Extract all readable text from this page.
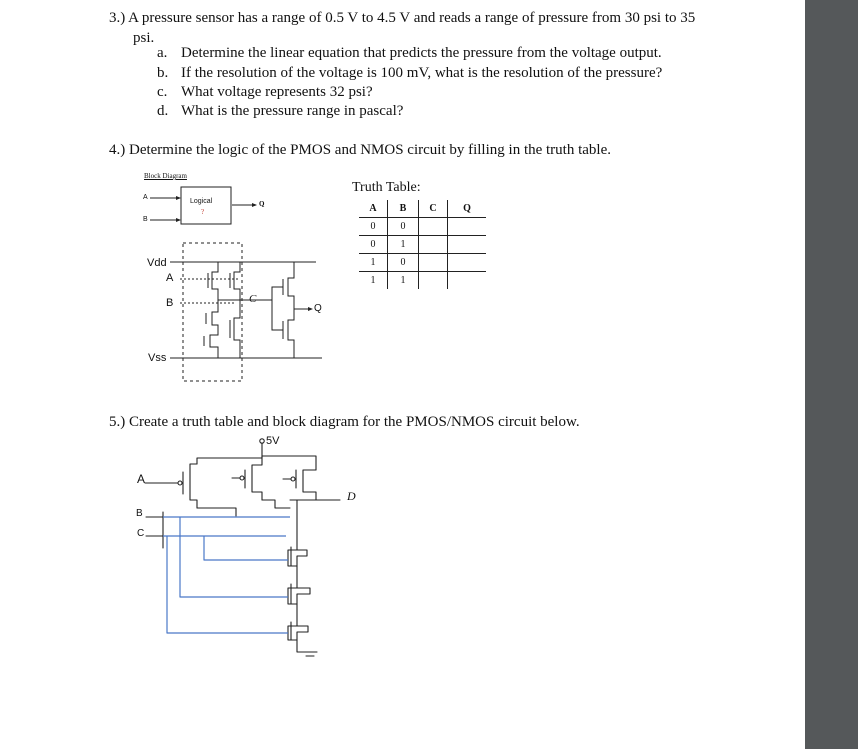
3.) A pressure sensor has a range of 0.5 V to 4.5 V and reads a range of pressure from 30 psi to 35
psi.
a. Determine the linear equation that predicts the pressure from the voltage output.
b. If the resolution of the voltage is 100 mV, what is the resolution of the pressure?
c. What voltage represents 32 psi?
d. What is the pressure range in pascal?
4.) Determine the logic of the PMOS and NMOS circuit by filling in the truth table.
Block Diagram
A
B
Logical
?
Q
Vdd
A
B
Vss
C
Q
Truth Table:
A	B	C	Q
0	0		
0	1		
1	0		
1	1		
5.) Create a truth table and block diagram for the PMOS/NMOS circuit below.
5V
A
B
C
D
